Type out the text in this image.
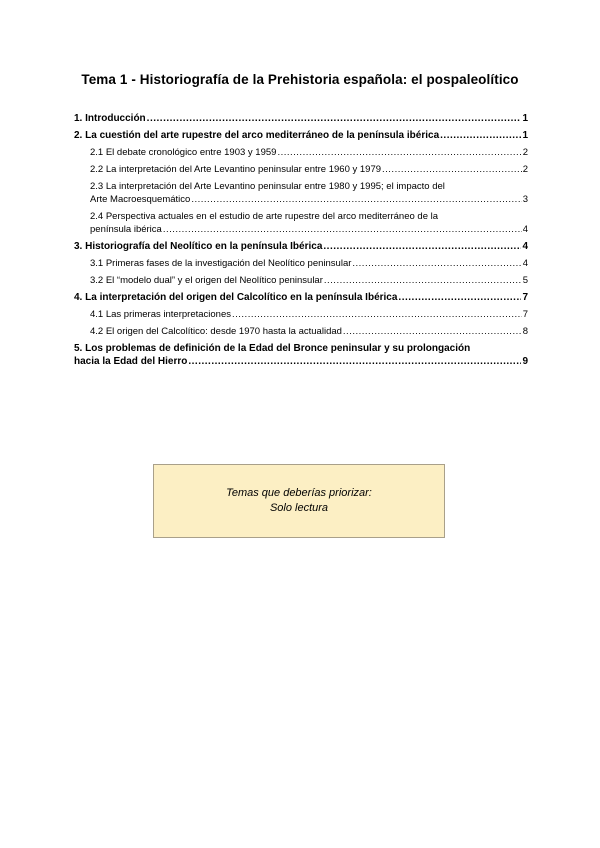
Tema 1 - Historiografía de la Prehistoria española: el pospaleolítico
1. Introducción .....	1
2. La cuestión del arte rupestre del arco mediterráneo de la península ibérica .....	1
2.1 El debate cronológico entre 1903 y 1959 .....	2
2.2 La interpretación del Arte Levantino peninsular entre 1960 y 1979 .....	2
2.3 La interpretación del Arte Levantino peninsular entre 1980 y 1995; el impacto del
Arte Macroesquemático .....	3
2.4 Perspectiva actuales en el estudio de arte rupestre del arco mediterráneo de la
península ibérica .....	4
3. Historiografía del Neolítico en la península Ibérica .....	4
3.1 Primeras fases de la investigación del Neolítico peninsular .....	4
3.2 El “modelo dual” y el origen del Neolítico peninsular .....	5
4. La interpretación del origen del Calcolítico en la península Ibérica .....	7
4.1 Las primeras interpretaciones .....	7
4.2 El origen del Calcolítico: desde 1970 hasta la actualidad .....	8
5. Los problemas de definición de la Edad del Bronce peninsular y su prolongación
hacia la Edad del Hierro .....	9
Temas que deberías priorizar:
Solo lectura
